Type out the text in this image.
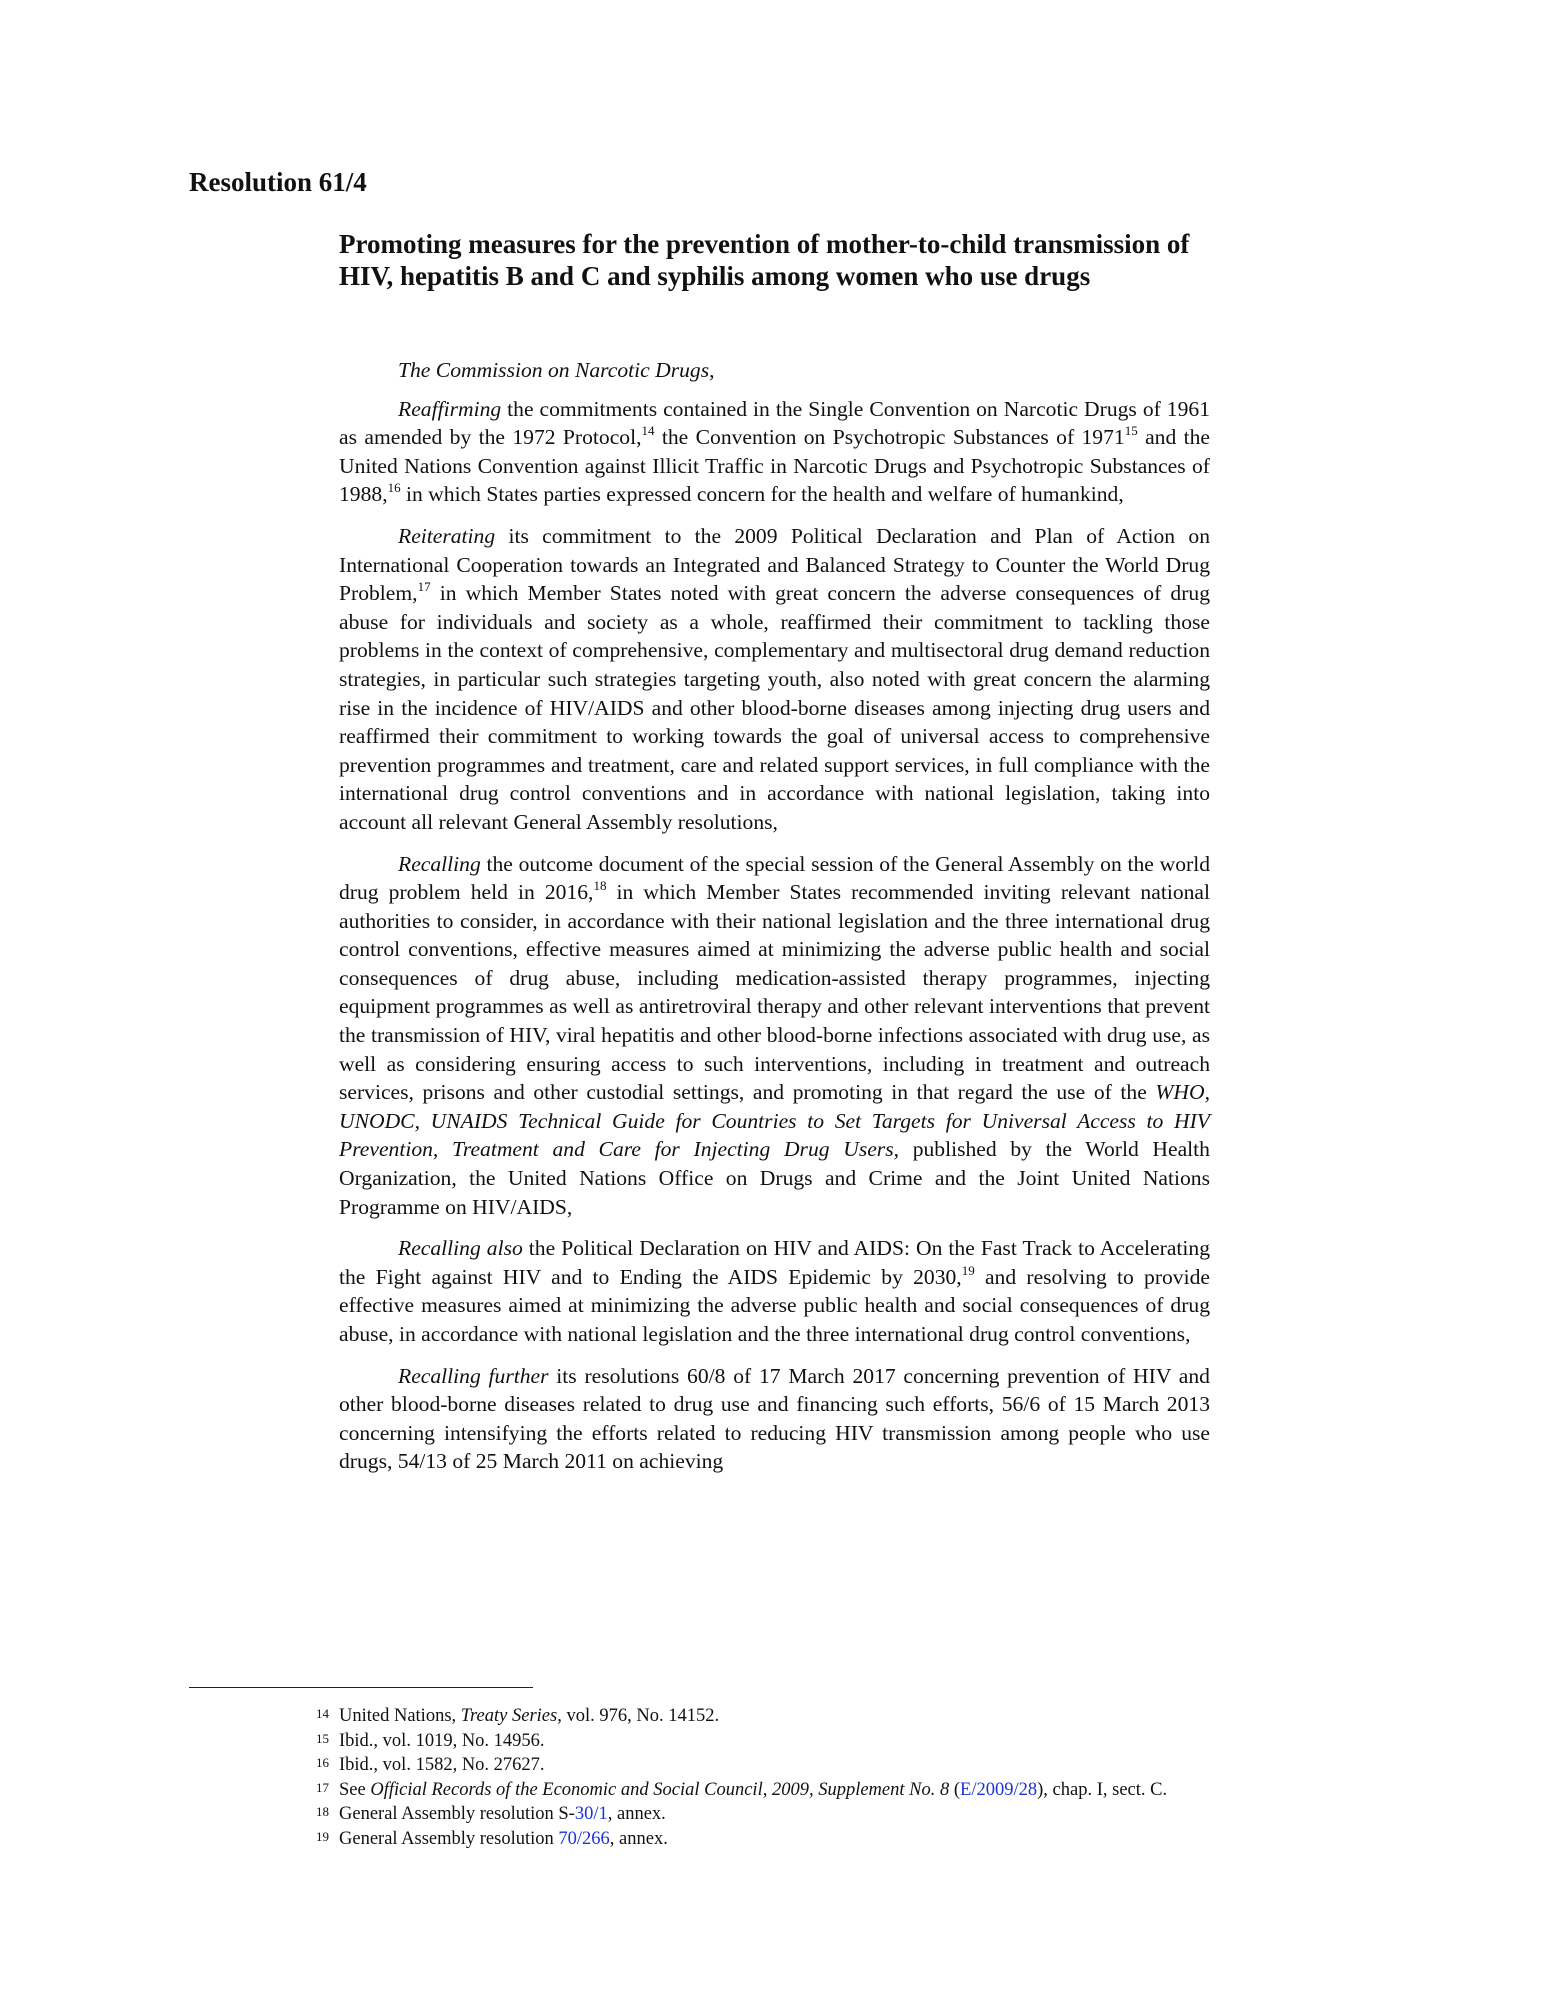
Resolution 61/4
Promoting measures for the prevention of mother-to-child transmission of HIV, hepatitis B and C and syphilis among women who use drugs

The Commission on Narcotic Drugs,

Reaffirming the commitments contained in the Single Convention on Narcotic Drugs of 1961 as amended by the 1972 Protocol,$^{14}$ the Convention on Psychotropic Substances of 1971$^{15}$ and the United Nations Convention against Illicit Traffic in Narcotic Drugs and Psychotropic Substances of 1988,16 in which States parties expressed concern for the health and welfare of humankind,

Reiterating its commitment to the 2009 Political Declaration and Plan of Action on International Cooperation towards an Integrated and Balanced Strategy to Counter the World Drug Problem,$^{17}$ in which Member States noted with great concern the adverse consequences of drug abuse for individuals and society as a whole, reaffirmed their commitment to tackling those problems in the context of comprehensive, complementary and multisectoral drug demand reduction strategies, in particular such strategies targeting youth, also noted with great concern the alarming rise in the incidence of HIV/AIDS and other blood-borne diseases among injecting drug users and reaffirmed their commitment to working towards the goal of universal access to comprehensive prevention programmes and treatment, care and related support services, in full compliance with the international drug control conventions and in accordance with national legislation, taking into account all relevant General Assembly resolutions,

Recalling the outcome document of the special session of the General Assembly on the world drug problem held in 2016,18 in which Member States recommended inviting relevant national authorities to consider, in accordance with their national legislation and the three international drug control conventions, effective measures aimed at minimizing the adverse public health and social consequences of drug abuse, including medication-assisted therapy programmes, injecting equipment programmes as well as antiretroviral therapy and other relevant interventions that prevent the transmission of HIV, viral hepatitis and other blood-borne infections associated with drug use, as well as considering ensuring access to such interventions, including in treatment and outreach services, prisons and other custodial settings, and promoting in that regard the use of the WHO, UNODC, UNAIDS Technical Guide for Countries to Set Targets for Universal Access to HIV Prevention, Treatment and Care for Injecting Drug Users, published by the World Health Organization, the United Nations Office on Drugs and Crime and the Joint United Nations Programme on HIV/AIDS,

Recalling also the Political Declaration on HIV and AIDS: On the Fast Track to Accelerating the Fight against HIV and to Ending the AIDS Epidemic by 2030,19 and resolving to provide effective measures aimed at minimizing the adverse public health and social consequences of drug abuse, in accordance with national legislation and the three international drug control conventions,

Recalling further its resolutions 60/8 of 17 March 2017 concerning prevention of HIV and other blood-borne diseases related to drug use and financing such efforts, 56/6 of 15 March 2013 concerning intensifying the efforts related to reducing HIV transmission among people who use drugs, 54/13 of 25 March 2011 on achieving

14 United Nations, Treaty Series, vol. 976, No. 14152.
15 Ibid., vol. 1019, No. 14956.
16 Ibid., vol. 1582, No. 27627.
17 See Official Records of the Economic and Social Council, 2009, Supplement No. 8 (E/2009/28), chap. I, sect. C.
18 General Assembly resolution S-30/1, annex.
19 General Assembly resolution 70/266, annex.
